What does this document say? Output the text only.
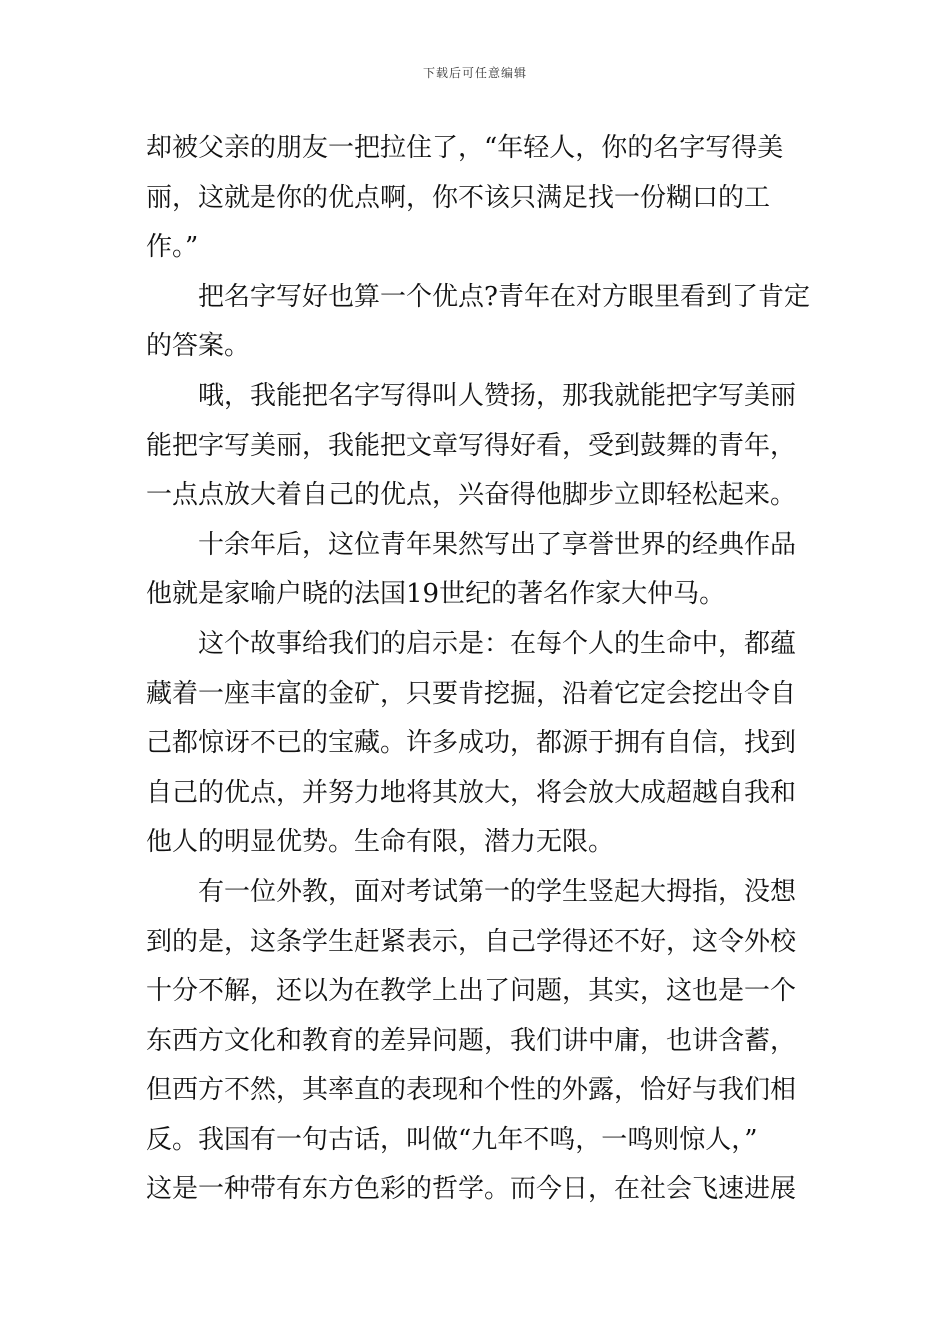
下载后可任意编辑
却被父亲的朋友一把拉住了，“年轻人，你的名字写得美
丽，这就是你的优点啊，你不该只满足找一份糊口的工
作。”
把名字写好也算一个优点?青年在对方眼里看到了肯定
的答案。
哦，我能把名字写得叫人赞扬，那我就能把字写美丽
能把字写美丽，我能把文章写得好看，受到鼓舞的青年，
一点点放大着自己的优点，兴奋得他脚步立即轻松起来。
十余年后，这位青年果然写出了享誉世界的经典作品
他就是家喻户晓的法国19世纪的著名作家大仲马。
这个故事给我们的启示是：在每个人的生命中，都蕴
藏着一座丰富的金矿，只要肯挖掘，沿着它定会挖出令自
己都惊讶不已的宝藏。许多成功，都源于拥有自信，找到
自己的优点，并努力地将其放大，将会放大成超越自我和
他人的明显优势。生命有限，潜力无限。
有一位外教，面对考试第一的学生竖起大拇指，没想
到的是，这条学生赶紧表示，自己学得还不好，这令外校
十分不解，还以为在教学上出了问题，其实，这也是一个
东西方文化和教育的差异问题，我们讲中庸，也讲含蓄，
但西方不然，其率直的表现和个性的外露，恰好与我们相
反。我国有一句古话，叫做“九年不鸣，一鸣则惊人，”
这是一种带有东方色彩的哲学。而今日，在社会飞速进展
